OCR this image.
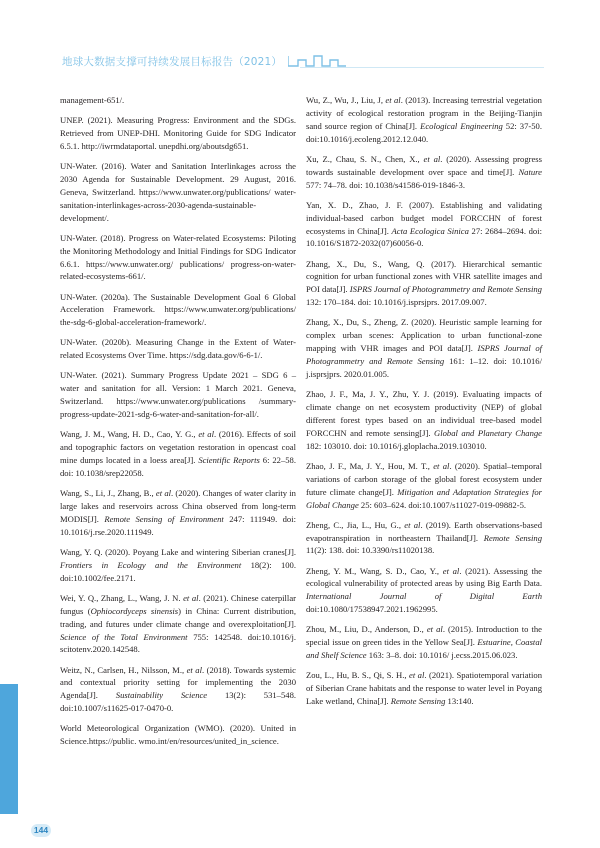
地球大数据支撑可持续发展目标报告（2021）

management-651/.

UNEP. (2021). Measuring Progress: Environment and the SDGs. Retrieved from UNEP-DHI. Monitoring Guide for SDG Indicator 6.5.1. http://iwrmdataportal. unepdhi.org/aboutsdg651.

UN-Water. (2016). Water and Sanitation Interlinkages across the 2030 Agenda for Sustainable Development. 29 August, 2016. Geneva, Switzerland. https://www.unwater.org/publications/ water-sanitation-interlinkages-across-2030-agenda-sustainable-development/.

UN-Water. (2018). Progress on Water-related Ecosystems: Piloting the Monitoring Methodology and Initial Findings for SDG Indicator 6.6.1. https://www.unwater.org/ publications/ progress-on-water-related-ecosystems-661/.

UN-Water. (2020a). The Sustainable Development Goal 6 Global Acceleration Framework. https://www.unwater.org/publications/ the-sdg-6-global-acceleration-framework/.

UN-Water. (2020b). Measuring Change in the Extent of Water-related Ecosystems Over Time. https://sdg.data.gov/6-6-1/.

UN-Water. (2021). Summary Progress Update 2021 – SDG 6 – water and sanitation for all. Version: 1 March 2021. Geneva, Switzerland. https://www.unwater.org/publications /summary-progress-update-2021-sdg-6-water-and-sanitation-for-all/.

Wang, J. M., Wang, H. D., Cao, Y. G., et al. (2016). Effects of soil and topographic factors on vegetation restoration in opencast coal mine dumps located in a loess area[J]. Scientific Reports 6: 22–58. doi: 10.1038/srep22058.

Wang, S., Li, J., Zhang, B., et al. (2020). Changes of water clarity in large lakes and reservoirs across China observed from long-term MODIS[J]. Remote Sensing of Environment 247: 111949. doi: 10.1016/j.rse.2020.111949.

Wang, Y. Q. (2020). Poyang Lake and wintering Siberian cranes[J]. Frontiers in Ecology and the Environment 18(2): 100. doi:10.1002/fee.2171.

Wei, Y. Q., Zhang, L., Wang, J. N. et al. (2021). Chinese caterpillar fungus (Ophiocordyceps sinensis) in China: Current distribution, trading, and futures under climate change and overexploitation[J]. Science of the Total Environment 755: 142548. doi:10.1016/j. scitotenv.2020.142548.

Weitz, N., Carlsen, H., Nilsson, M., et al. (2018). Towards systemic and contextual priority setting for implementing the 2030 Agenda[J]. Sustainability Science 13(2): 531–548. doi:10.1007/s11625-017-0470-0.

World Meteorological Organization (WMO). (2020). United in Science.https://public. wmo.int/en/resources/united_in_science.

Wu, Z., Wu, J., Liu, J, et al. (2013). Increasing terrestrial vegetation activity of ecological restoration program in the Beijing-Tianjin sand source region of China[J]. Ecological Engineering 52: 37-50. doi:10.1016/j.ecoleng.2012.12.040.

Xu, Z., Chau, S. N., Chen, X., et al. (2020). Assessing progress towards sustainable development over space and time[J]. Nature 577: 74–78. doi: 10.1038/s41586-019-1846-3.

Yan, X. D., Zhao, J. F. (2007). Establishing and validating individual-based carbon budget model FORCCHN of forest ecosystems in China[J]. Acta Ecologica Sinica 27: 2684–2694. doi: 10.1016/S1872-2032(07)60056-0.

Zhang, X., Du, S., Wang, Q. (2017). Hierarchical semantic cognition for urban functional zones with VHR satellite images and POI data[J]. ISPRS Journal of Photogrammetry and Remote Sensing 132: 170–184. doi: 10.1016/j.isprsjprs. 2017.09.007.

Zhang, X., Du, S., Zheng, Z. (2020). Heuristic sample learning for complex urban scenes: Application to urban functional-zone mapping with VHR images and POI data[J]. ISPRS Journal of Photogrammetry and Remote Sensing 161: 1–12. doi: 10.1016/ j.isprsjprs. 2020.01.005.

Zhao, J. F., Ma, J. Y., Zhu, Y. J. (2019). Evaluating impacts of climate change on net ecosystem productivity (NEP) of global different forest types based on an individual tree-based model FORCCHN and remote sensing[J]. Global and Planetary Change 182: 103010. doi: 10.1016/j.gloplacha.2019.103010.

Zhao, J. F., Ma, J. Y., Hou, M. T., et al. (2020). Spatial–temporal variations of carbon storage of the global forest ecosystem under future climate change[J]. Mitigation and Adaptation Strategies for Global Change 25: 603–624. doi:10.1007/s11027-019-09882-5.

Zheng, C., Jia, L., Hu, G., et al. (2019). Earth observations-based evapotranspiration in northeastern Thailand[J]. Remote Sensing 11(2): 138. doi: 10.3390/rs11020138.

Zheng, Y. M., Wang, S. D., Cao, Y., et al. (2021). Assessing the ecological vulnerability of protected areas by using Big Earth Data. International Journal of Digital Earth doi:10.1080/17538947.2021.1962995.

Zhou, M., Liu, D., Anderson, D., et al. (2015). Introduction to the special issue on green tides in the Yellow Sea[J]. Estuarine, Coastal and Shelf Science 163: 3–8. doi: 10.1016/ j.ecss.2015.06.023.

Zou, L., Hu, B. S., Qi, S. H., et al. (2021). Spatiotemporal variation of Siberian Crane habitats and the response to water level in Poyang Lake wetland, China[J]. Remote Sensing 13:140.

144
